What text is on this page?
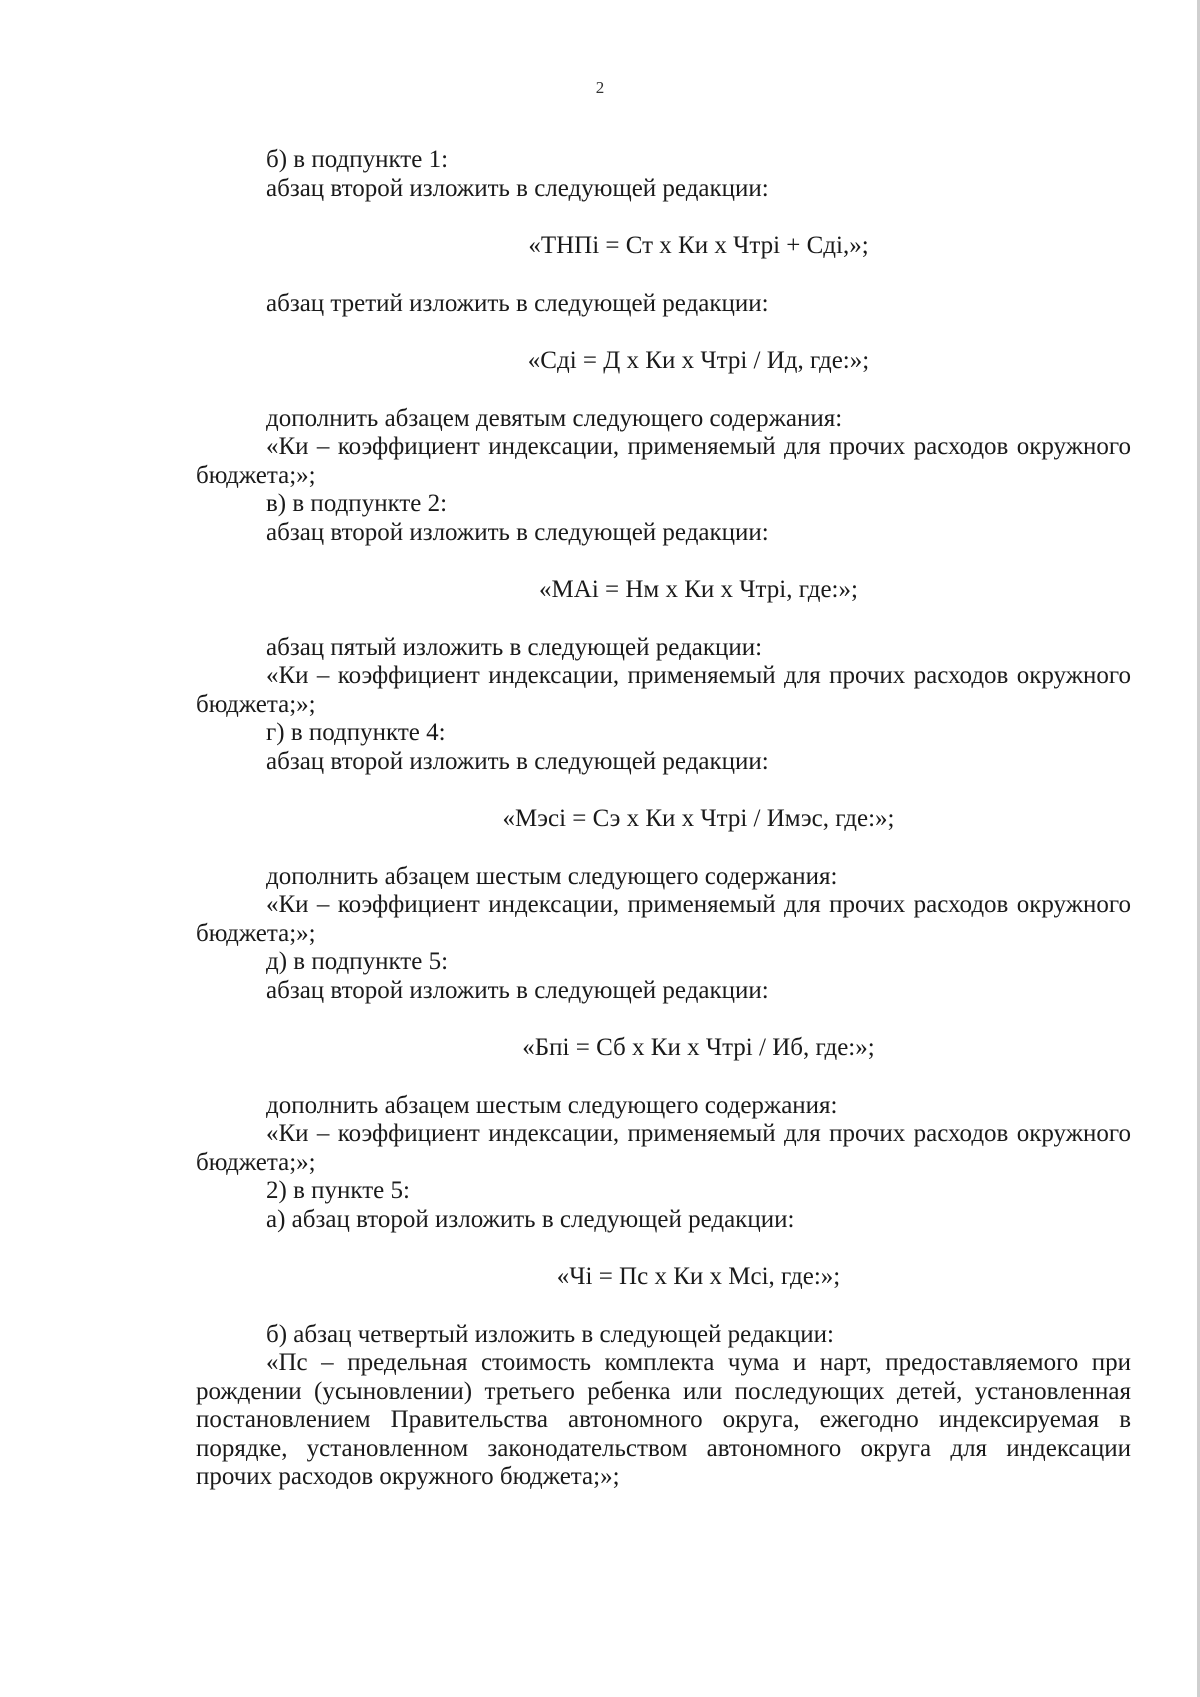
2

б) в подпункте 1:

абзац второй изложить в следующей редакции:

«ТНПi = Ст х Ки х Чтрi + Сдi,»;

абзац третий изложить в следующей редакции:

«Сдi = Д х Ки х Чтрi / Ид, где:»;

дополнить абзацем девятым следующего содержания:

«Ки – коэффициент индексации, применяемый для прочих расходов окружного бюджета;»;

в) в подпункте 2:

абзац второй изложить в следующей редакции:

«МАi = Нм х Ки х Чтрi, где:»;

абзац пятый изложить в следующей редакции:

«Ки – коэффициент индексации, применяемый для прочих расходов окружного бюджета;»;

г) в подпункте 4:

абзац второй изложить в следующей редакции:

«Мэсi = Сэ х Ки х Чтрi / Имэс, где:»;

дополнить абзацем шестым следующего содержания:

«Ки – коэффициент индексации, применяемый для прочих расходов окружного бюджета;»;

д) в подпункте 5:

абзац второй изложить в следующей редакции:

«Бпi = Сб х Ки х Чтрi / Иб, где:»;

дополнить абзацем шестым следующего содержания:

«Ки – коэффициент индексации, применяемый для прочих расходов окружного бюджета;»;

2) в пункте 5:

а) абзац второй изложить в следующей редакции:

«Чi = Пс х Ки х Мсi, где:»;

б) абзац четвертый изложить в следующей редакции:

«Пс – предельная стоимость комплекта чума и нарт, предоставляемого при рождении (усыновлении) третьего ребенка или последующих детей, установленная постановлением Правительства автономного округа, ежегодно индексируемая в порядке, установленном законодательством автономного округа для индексации прочих расходов окружного бюджета;»;
